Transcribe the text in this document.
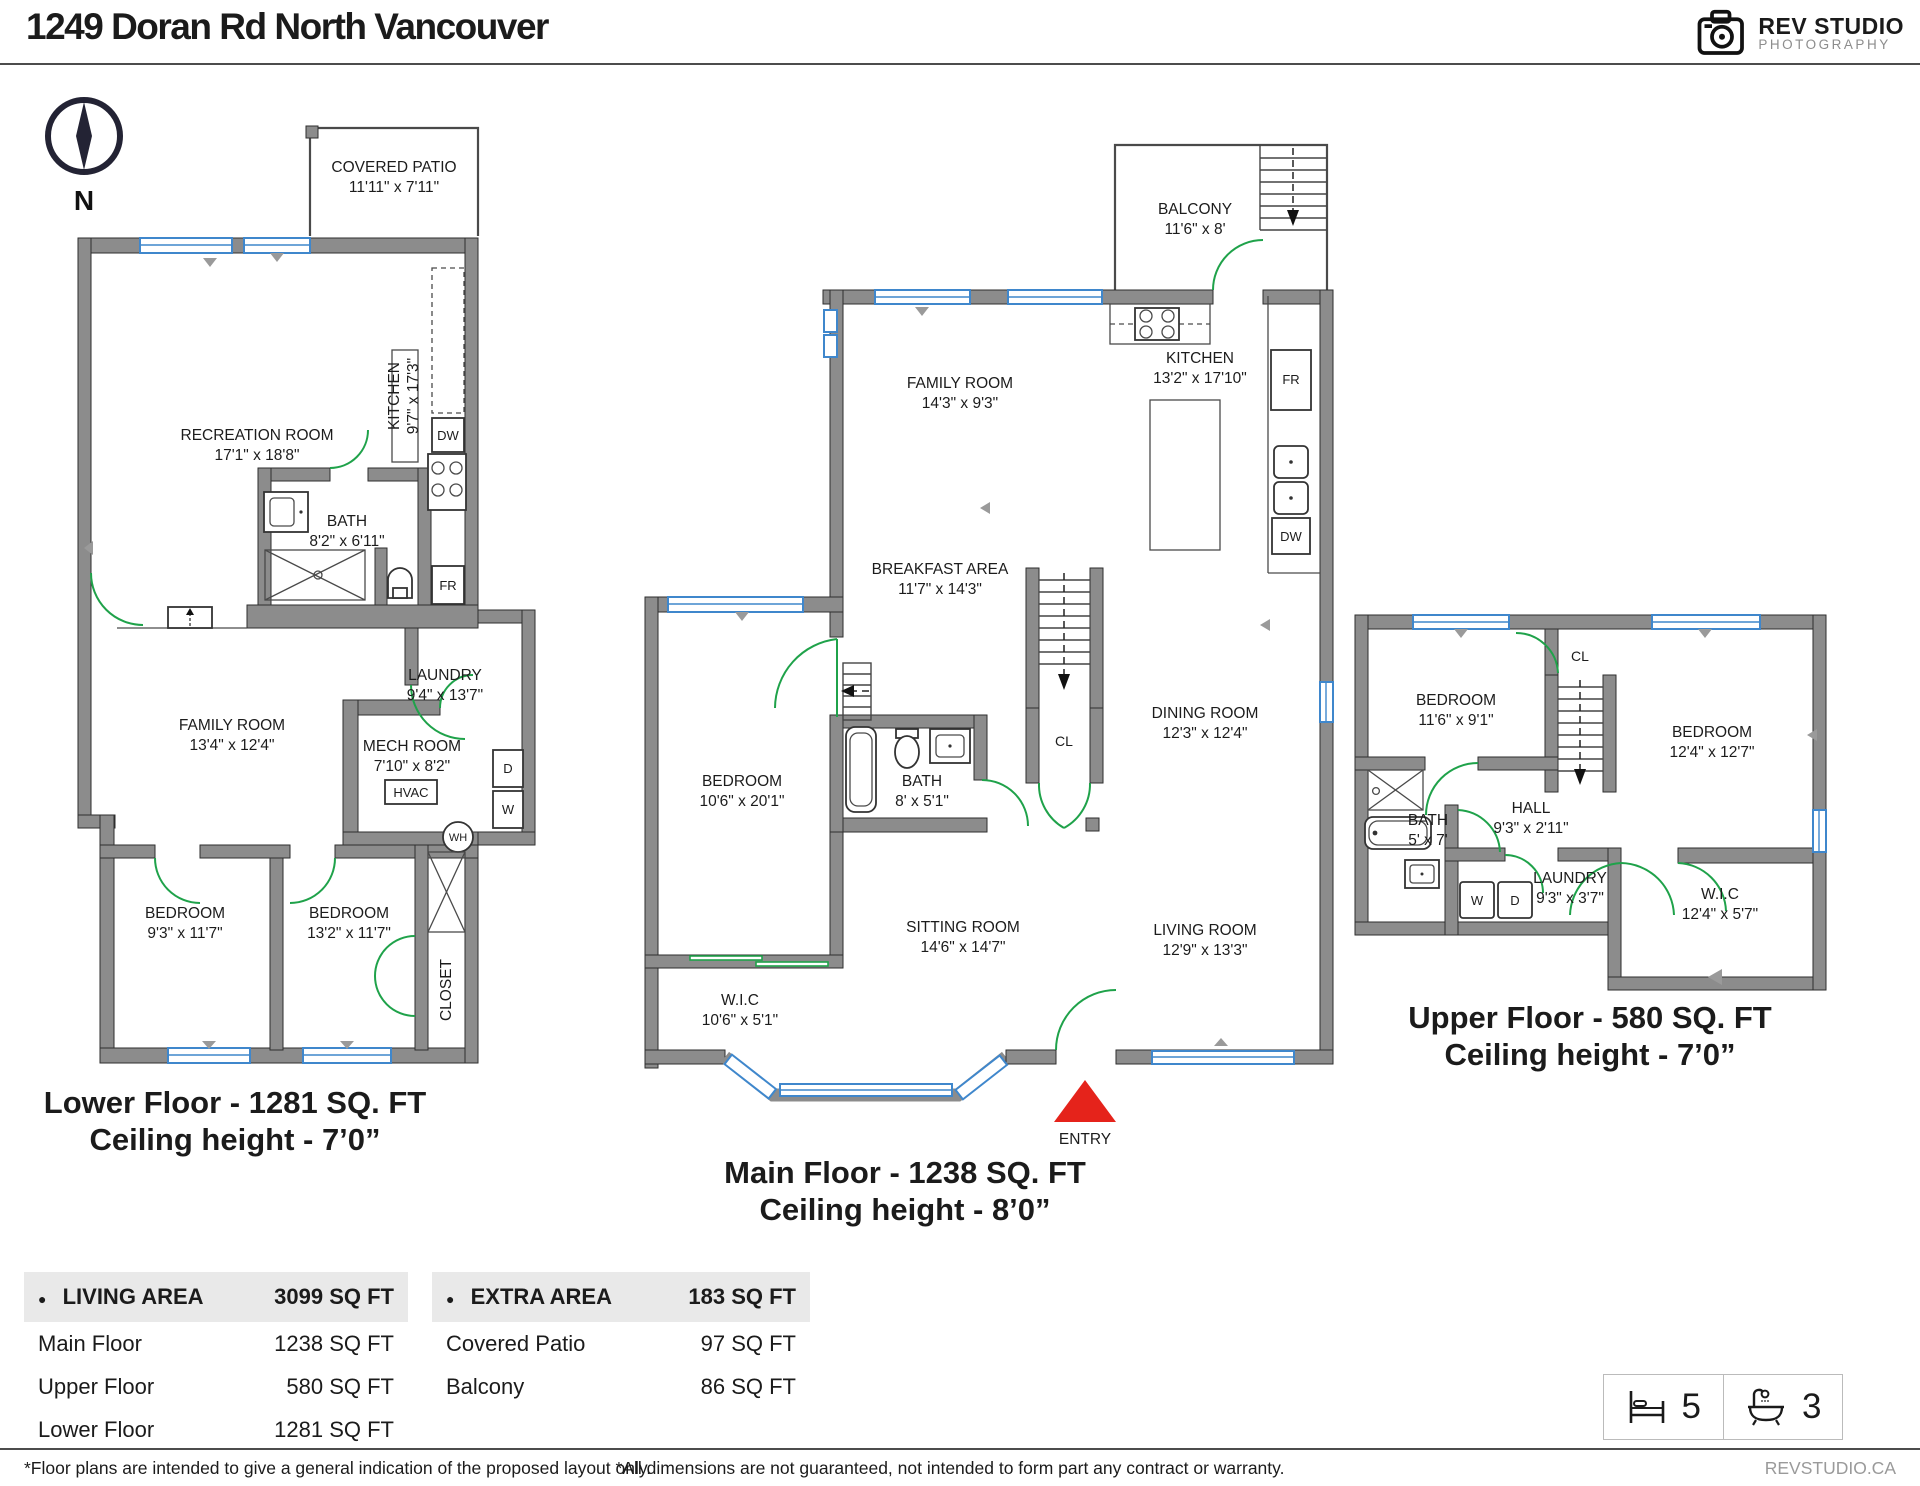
1249 Doran Rd North Vancouver	REV STUDIO
PHOTOGRAPHY
N
DW
FR
HVAC
WH
D
W
COVERED PATIO
11'11" x 7'11"
RECREATION ROOM
17'1" x 18'8"
BATH
8'2" x 6'11"
KITCHEN 9'7" x 17'3"
LAUNDRY
9'4" x 13'7"
FAMILY ROOM
13'4" x 12'4"	MECH ROOM
7'10" x 8'2"
BEDROOM
9'3" x 11'7"
BEDROOM
13'2" x 11'7"
CLOSET
FR
DW
ENTRY
BALCONY
11'6" x 8'
FAMILY ROOM
14'3" x 9'3"
KITCHEN
13'2" x 17'10"
BREAKFAST AREA
11'7" x 14'3"
BEDROOM
10'6" x 20'1"
BATH
8' x 5'1"
CL
DINING ROOM
12'3" x 12'4"
W.I.C
10'6" x 5'1"
SITTING ROOM
14'6" x 14'7"
LIVING ROOM
12'9" x 13'3"
W D
BEDROOM
11'6" x 9'1"
CL
BEDROOM
12'4" x 12'7"
BATH
5' x 7'
HALL
9'3" x 2'11"
LAUNDRY
9'3" x 3'7"	W.I.C
12'4" x 5'7"
Lower Floor - 1281 SQ. FT
Ceiling height - 7’0”
Main Floor - 1238 SQ. FT
Ceiling height - 8’0”
Upper Floor - 580 SQ. FT
Ceiling height - 7’0”
● LIVING AREA	3099 SQ FT
Main Floor	1238 SQ FT
Upper Floor	580 SQ FT
Lower Floor	1281 SQ FT
● EXTRA AREA	183 SQ FT
Covered Patio	97 SQ FT
Balcony	86 SQ FT
5	3
*Floor plans are intended to give a general indication of the proposed layout only.
*All dimensions are not guaranteed, not intended to form part any contract or warranty.	REVSTUDIO.CA
